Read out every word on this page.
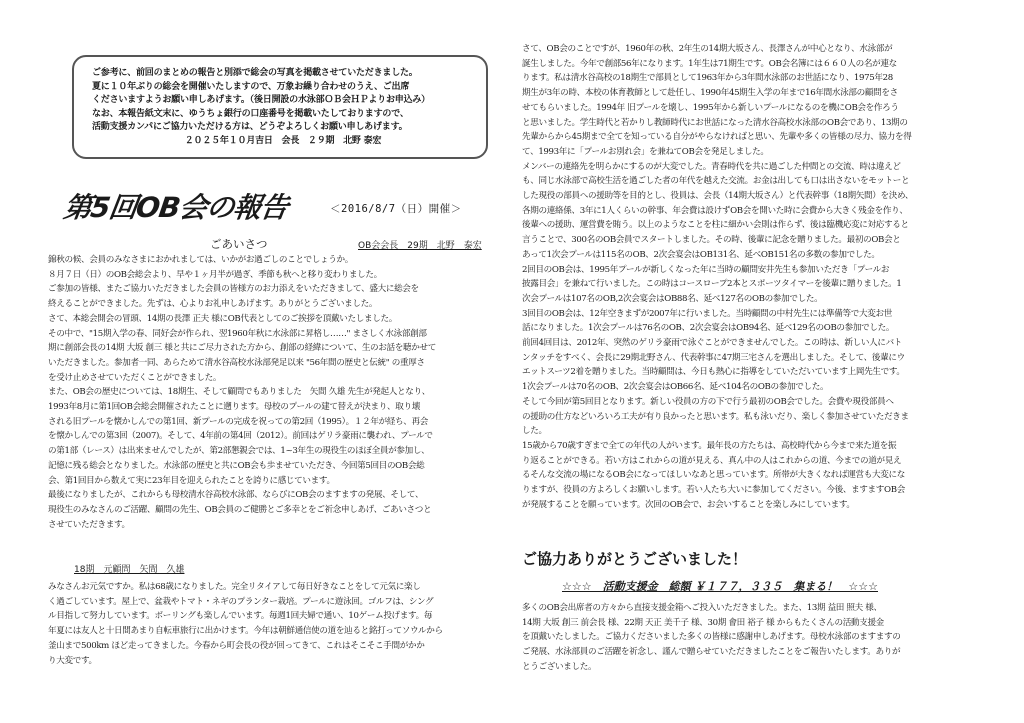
ご参考に、前回のまとめの報告と別添で総会の写真を掲載させていただきました。
夏に１０年ぶりの総会を開催いたしますので、万象お繰り合わせのうえ、ご出席
くださいますようお願い申しあげます。（後日開設の水泳部ＯＢ会ＨＰよりお申込み）
なお、本報告紙文末に、ゆうちょ銀行の口座番号を掲載いたしておりますので、
活動支援カンパにご協力いただける方は、どうぞよろしくお願い申しあげます。
２０２５年１０月吉日　会長　２９期　北野 泰宏
第5回OB会の報告	＜2016/8/7（日）開催＞
ごあいさつ	OB会会長　29期　北野　泰宏
錦秋の候、会員のみなさまにおかれましては、いかがお過ごしのことでしょうか。
８月７日（日）のOB会総会より、早や１ヶ月半が過ぎ、季節も秋へと移り変わりました。
ご参加の皆様、またご協力いただきました会員の皆様方のお力添えをいただきまして、盛大に総会を
終えることができました。先ずは、心よりお礼申しあげます。ありがとうございました。
さて、本総会開会の冒頭、14期の長澤 正夫 様にOB代表としてのご挨拶を頂戴いたしました。
その中で、"15期入学の春、同好会が作られ、翌1960年秋に水泳部に昇格し……" まさしく水泳部創部
期に創部会長の14期 大坂 創三 様と共にご尽力された方から、創部の経緯について、生のお話を聴かせて
いただきました。参加者一同、あらためて清水谷高校水泳部発足以来 "56年間の歴史と伝統" の重厚さ
を受け止めさせていただくことができました。
また、OB会の歴史については、18期生、そして顧問でもありました　矢間 久雄 先生が発起人となり、
1993年8月に第1回OB会総会開催されたことに遡ります。母校のプールの建て替えが決まり、取り壊
される旧プールを懐かしんでの第1回、新プールの完成を祝っての第2回（1995）。１２年が経ち、再会
を懐かしんでの第3回（2007)。そして、4年前の第4回（2012）。前回はゲリラ豪雨に襲われ、プールで
の第1部（レース）は出来ませんでしたが、第2部懇親会では、1~3年生の現役生のほぼ全員が参加し、
記憶に残る総会となりました。水泳部の歴史と共にOB会も歩ませていただき、今回第5回目のOB会総
会、第1回目から数えて実に23年目を迎えられたことを誇りに感じています。
最後になりましたが、これからも母校清水谷高校水泳部、ならびにOB会のますますの発展、そして、
現役生のみなさんのご活躍、顧問の先生、OB会員のご健勝とご多幸とをご祈念申しあげ、ごあいさつと
させていただきます。
18期　元顧問　矢間　久雄
みなさんお元気ですか。私は68歳になりました。完全リタイアして毎日好きなことをして元気に楽し
く過ごしています。屋上で、盆栽やトマト・ネギのプランター栽培。プールに遊泳回。ゴルフは、シング
ル目指して努力しています。ボーリングも楽しんでいます。毎週1回夫婦で通い、10ゲーム投げます。毎
年夏には友人と十日間あまり自転車旅行に出かけます。今年は朝鮮通信使の道を辿ると銘打ってソウルから
釜山まで500km ほど走ってきました。今春から町会長の役が回ってきて、これはそこそこ手間がかか
り大変です。
さて、OB会のことですが、1960年の秋、2年生の14期大坂さん、長澤さんが中心となり、水泳部が
誕生しました。今年で創部56年になります。1年生は71期生です。OB会名簿には６６０人の名が連な
ります。私は清水谷高校の18期生で部員として1963年から3年間水泳部のお世話になり、1975年28
期生が3年の時、本校の体育教師として赴任し、1990年45期生入学の年まで16年間水泳部の顧問をさ
せてもらいました。1994年 旧プールを壊し、1995年から新しいプールになるのを機にOB会を作ろう
と思いました。学生時代と若かりし教師時代にお世話になった清水谷高校水泳部のOB会であり、13期の
先輩からから45期まで全てを知っている自分がやらなければと思い、先輩や多くの皆様の尽力、協力を得
て、1993年に「プールお別れ会」を兼ねてOB会を発足しました。
メンバーの連絡先を明らかにするのが大変でした。青春時代を共に過ごした仲間との交流、時は違えど
も、同じ水泳部で高校生活を過ごした者の年代を越えた交流。お金は出しても口は出さないをモットーと
した現役の部員への援助等を目的とし、役員は、会長（14期大坂さん）と代表幹事（18期矢間）を決め、
各期の連絡係、3年に1人くらいの幹事、年会費は設けずOB会を開いた時に会費から大きく残金を作り、
後輩への援助、運営費を賄う。以上のようなことを柱に細かい会則は作らず、後は臨機応変に対応すると
言うことで、300名のOB会員でスタートしました。その時、後輩に記念を贈りました。最初のOB会と
あって1次会プールは115名のOB、2次会宴会はOB131名、延べOB151名の多数の参加でした。
2回目のOB会は、1995年プールが新しくなった年に当時の顧問安井先生も参加いただき「プールお
披露目会」を兼ねて行いました。この時はコースロープ2本とスポーツタイマーを後輩に贈りました。1
次会プールは107名のOB,2次会宴会はOB88名、延べ127名のOBの参加でした。
3回目のOB会は、12年空きまずが2007年に行いました。当時顧問の中村先生には準備等で大変お世
話になりました。1次会プールは76名のOB、2次会宴会はOB94名、延べ129名のOBの参加でした。
前回4回目は、2012年、突然のゲリラ豪雨で泳ぐことができませんでした。この時は、新しい人にバト
ンタッチをすべく、会長に29期北野さん、代表幹事に47期三宅さんを選出しました。そして、後輩にウ
エットスーツ2着を贈りました。当時顧問は、今日も熱心に指導をしていただいています上岡先生です。
1次会プールは70名のOB、2次会宴会はOB66名、延べ104名のOBの参加でした。
そして今回が第5回目となります。新しい役員の方の下で行う最初のOB会でした。会費や現役部員へ
の援助の仕方などいろいろ工夫が有り良かったと思います。私も泳いだり、楽しく参加させていただきま
した。
15歳から70歳すぎまで全ての年代の人がいます。最年長の方たちは、高校時代から今まで来た道を振
り返ることができる。若い方はこれからの道が見える、真ん中の人はこれからの道、今までの道が見え
るそんな交流の場になるOB会になってほしいなあと思っています。所帯が大きくなれば運営も大変にな
りますが、役員の方よろしくお願いします。若い人たち大いに参加してください。今後、ますますOB会
が発展することを願っています。次回のOB会で、お会いすることを楽しみにしています。
ご協力ありがとうございました！
☆☆☆　活動支援金　総額 ￥１７７，３３５　集まる！　☆☆☆
多くのOB会出席者の方々から直接支援金箱へご投入いただきました。また、13期 益田 照夫 様、
14期 大坂 創三 前会長 様、22期 天正 美千子 様、30期 會田 裕子 様 からもたくさんの活動支援金
を頂戴いたしました。ご協力くださいました多くの皆様に感謝申しあげます。母校水泳部のますますの
ご発展、水泳部員のご活躍を祈念し、謹んで贈らせていただきましたことをご報告いたします。ありが
とうございました。
